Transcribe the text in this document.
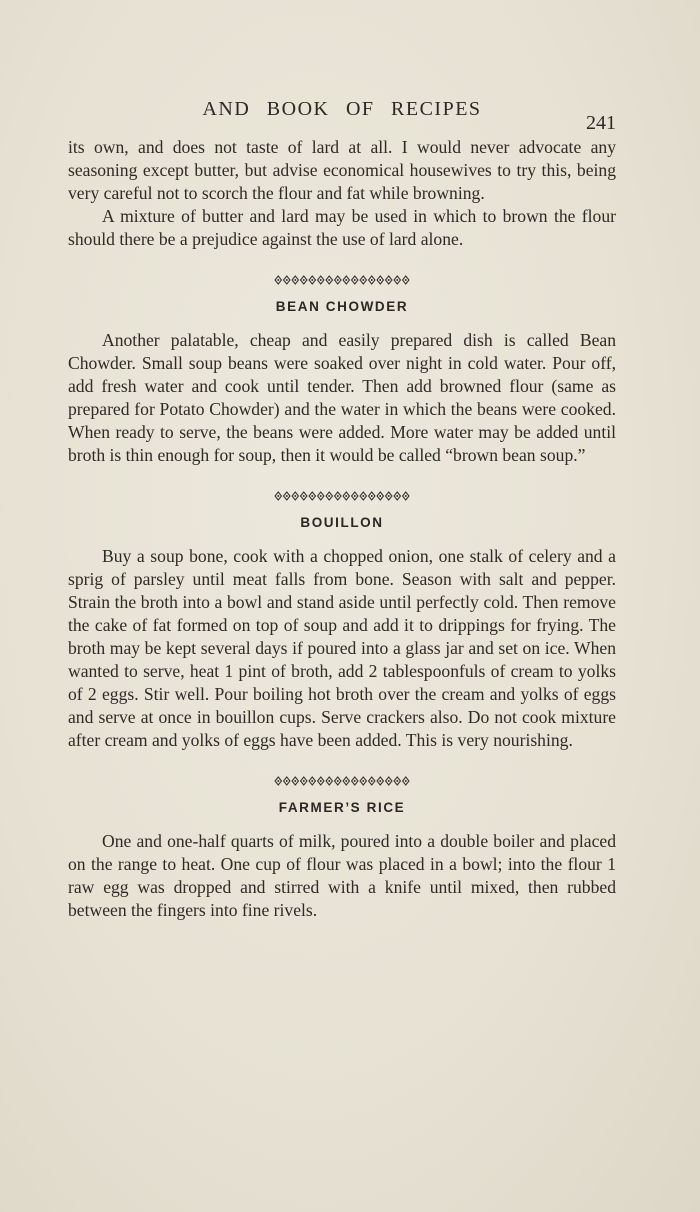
AND BOOK OF RECIPES
241

its own, and does not taste of lard at all. I would never advocate any seasoning except butter, but advise economical housewives to try this, being very careful not to scorch the flour and fat while browning.

A mixture of butter and lard may be used in which to brown the flour should there be a prejudice against the use of lard alone.

BEAN CHOWDER

Another palatable, cheap and easily prepared dish is called Bean Chowder. Small soup beans were soaked over night in cold water. Pour off, add fresh water and cook until tender. Then add browned flour (same as prepared for Potato Chowder) and the water in which the beans were cooked. When ready to serve, the beans were added. More water may be added until broth is thin enough for soup, then it would be called “brown bean soup.”

BOUILLON

Buy a soup bone, cook with a chopped onion, one stalk of celery and a sprig of parsley until meat falls from bone. Season with salt and pepper. Strain the broth into a bowl and stand aside until perfectly cold. Then remove the cake of fat formed on top of soup and add it to drippings for frying. The broth may be kept several days if poured into a glass jar and set on ice. When wanted to serve, heat 1 pint of broth, add 2 tablespoonfuls of cream to yolks of 2 eggs. Stir well. Pour boiling hot broth over the cream and yolks of eggs and serve at once in bouillon cups. Serve crackers also. Do not cook mixture after cream and yolks of eggs have been added. This is very nourishing.

FARMER’S RICE

One and one-half quarts of milk, poured into a double boiler and placed on the range to heat. One cup of flour was placed in a bowl; into the flour 1 raw egg was dropped and stirred with a knife until mixed, then rubbed between the fingers into fine rivels.
